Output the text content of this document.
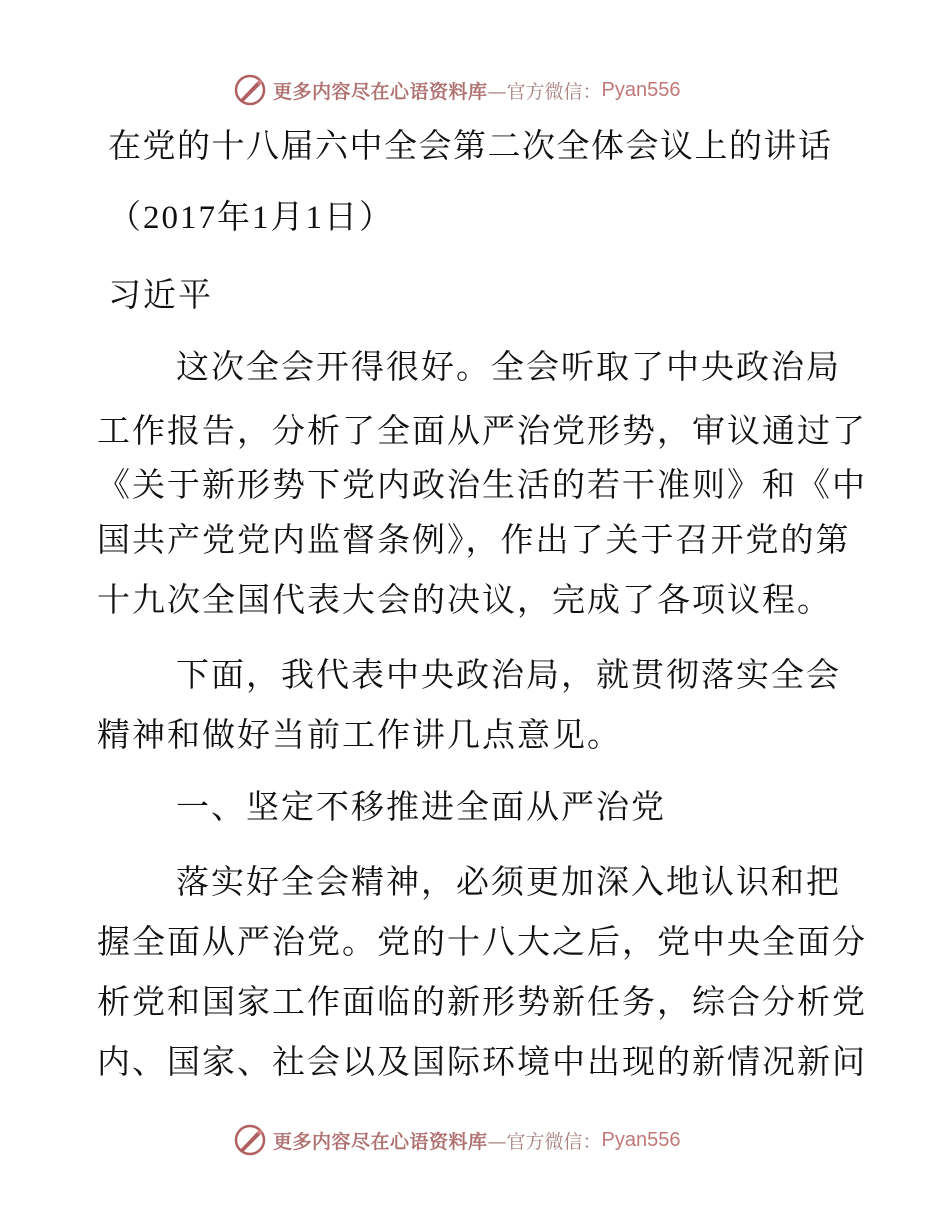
更多内容尽在心语资料库 —官方微信： Pyan556
在党的十八届六中全会第二次全体会议上的讲话
（2017年1月1日）
习近平
这次全会开得很好。全会听取了中央政治局
工作报告，分析了全面从严治党形势，审议通过了
《关于新形势下党内政治生活的若干准则》和《中
国共产党党内监督条例》，作出了关于召开党的第
十九次全国代表大会的决议，完成了各项议程。
下面，我代表中央政治局，就贯彻落实全会
精神和做好当前工作讲几点意见。
一、坚定不移推进全面从严治党
落实好全会精神，必须更加深入地认识和把
握全面从严治党。党的十八大之后，党中央全面分
析党和国家工作面临的新形势新任务，综合分析党
内、国家、社会以及国际环境中出现的新情况新问
更多内容尽在心语资料库 —官方微信： Pyan556
